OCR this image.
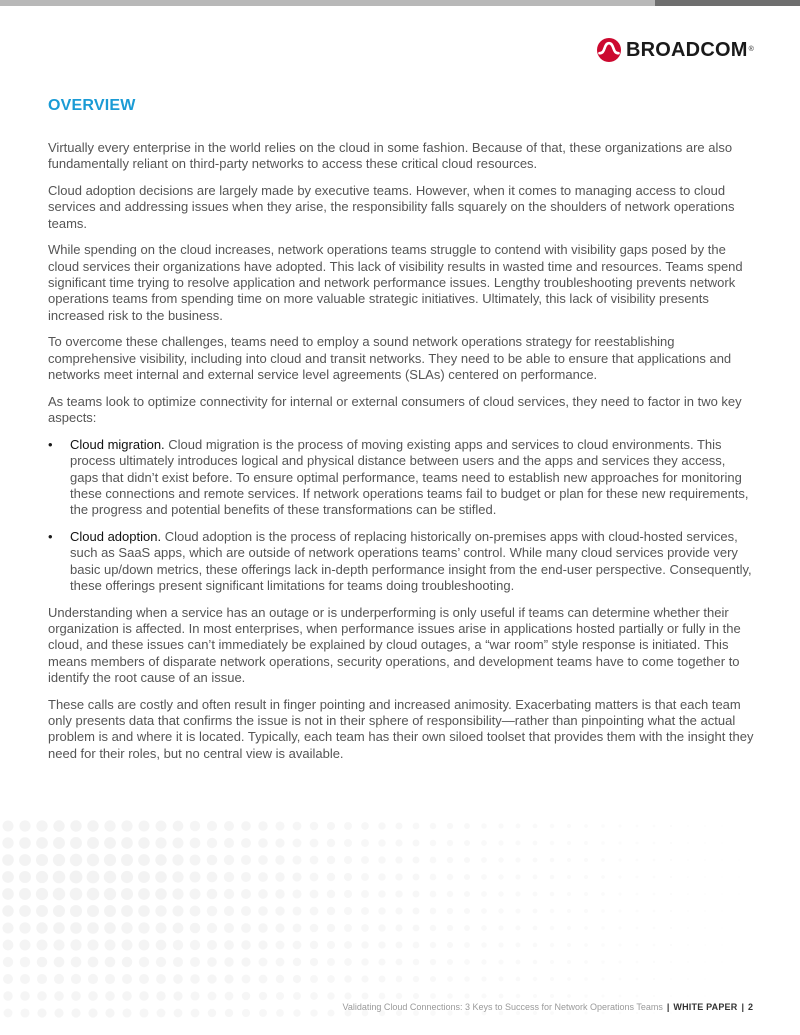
BROADCOM ®
OVERVIEW

Virtually every enterprise in the world relies on the cloud in some fashion. Because of that, these organizations are also fundamentally reliant on third-party networks to access these critical cloud resources.

Cloud adoption decisions are largely made by executive teams. However, when it comes to managing access to cloud services and addressing issues when they arise, the responsibility falls squarely on the shoulders of network operations teams.

While spending on the cloud increases, network operations teams struggle to contend with visibility gaps posed by the cloud services their organizations have adopted. This lack of visibility results in wasted time and resources. Teams spend significant time trying to resolve application and network performance issues. Lengthy troubleshooting prevents network operations teams from spending time on more valuable strategic initiatives. Ultimately, this lack of visibility presents increased risk to the business.

To overcome these challenges, teams need to employ a sound network operations strategy for reestablishing comprehensive visibility, including into cloud and transit networks. They need to be able to ensure that applications and networks meet internal and external service level agreements (SLAs) centered on performance.

As teams look to optimize connectivity for internal or external consumers of cloud services, they need to factor in two key aspects:

• Cloud migration. Cloud migration is the process of moving existing apps and services to cloud environments. This process ultimately introduces logical and physical distance between users and the apps and services they access, gaps that didn’t exist before. To ensure optimal performance, teams need to establish new approaches for monitoring these connections and remote services. If network operations teams fail to budget or plan for these new requirements, the progress and potential benefits of these transformations can be stifled.
• Cloud adoption. Cloud adoption is the process of replacing historically on-premises apps with cloud-hosted services, such as SaaS apps, which are outside of network operations teams’ control. While many cloud services provide very basic up/down metrics, these offerings lack in-depth performance insight from the end-user perspective. Consequently, these offerings present significant limitations for teams doing troubleshooting.

Understanding when a service has an outage or is underperforming is only useful if teams can determine whether their organization is affected. In most enterprises, when performance issues arise in applications hosted partially or fully in the cloud, and these issues can’t immediately be explained by cloud outages, a “war room” style response is initiated. This means members of disparate network operations, security operations, and development teams have to come together to identify the root cause of an issue.

These calls are costly and often result in finger pointing and increased animosity. Exacerbating matters is that each team only presents data that confirms the issue is not in their sphere of responsibility—rather than pinpointing what the actual problem is and where it is located. Typically, each team has their own siloed toolset that provides them with the insight they need for their roles, but no central view is available.

Validating Cloud Connections: 3 Keys to Success for Network Operations Teams | WHITE PAPER | 2
